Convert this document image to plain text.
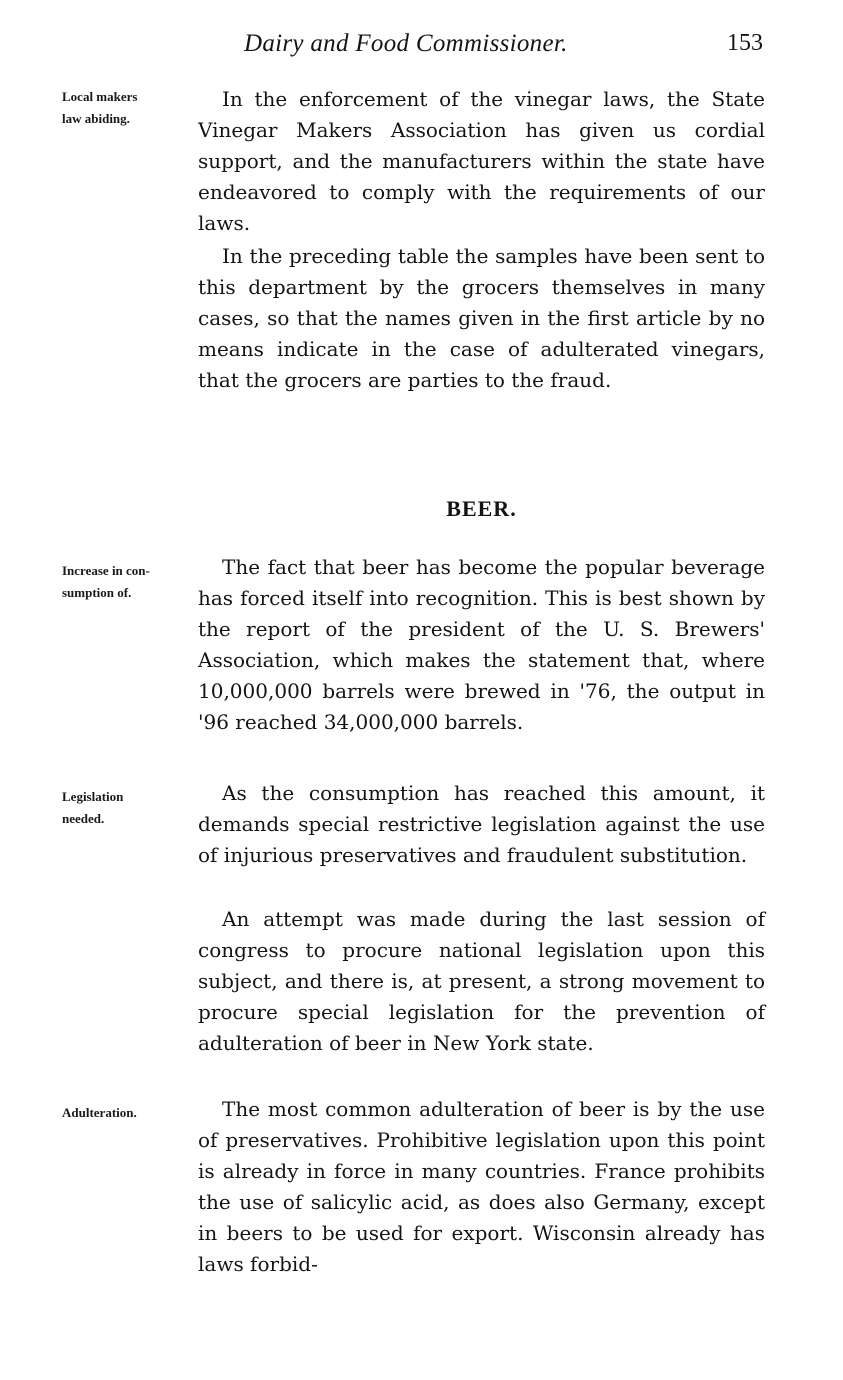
Dairy and Food Commissioner.	153
Local makers
law abiding.
Increase in con-
sumption of.
Legislation
needed.
Adulteration.

In the enforcement of the vinegar laws, the State Vinegar Makers Association has given us cordial support, and the manufacturers within the state have endeavored to comply with the requirements of our laws.

In the preceding table the samples have been sent to this department by the grocers themselves in many cases, so that the names given in the first article by no means indicate in the case of adulterated vinegars, that the grocers are parties to the fraud.

BEER.

The fact that beer has become the popular beverage has forced itself into recognition. This is best shown by the report of the president of the U. S. Brewers' Association, which makes the statement that, where 10,000,000 barrels were brewed in '76, the output in '96 reached 34,000,000 barrels.

As the consumption has reached this amount, it demands special restrictive legislation against the use of injurious preservatives and fraudulent substitution.

An attempt was made during the last session of congress to procure national legislation upon this subject, and there is, at present, a strong movement to procure special legislation for the prevention of adulteration of beer in New York state.

The most common adulteration of beer is by the use of preservatives. Prohibitive legislation upon this point is already in force in many countries. France prohibits the use of salicylic acid, as does also Germany, except in beers to be used for export. Wisconsin already has laws forbid-
